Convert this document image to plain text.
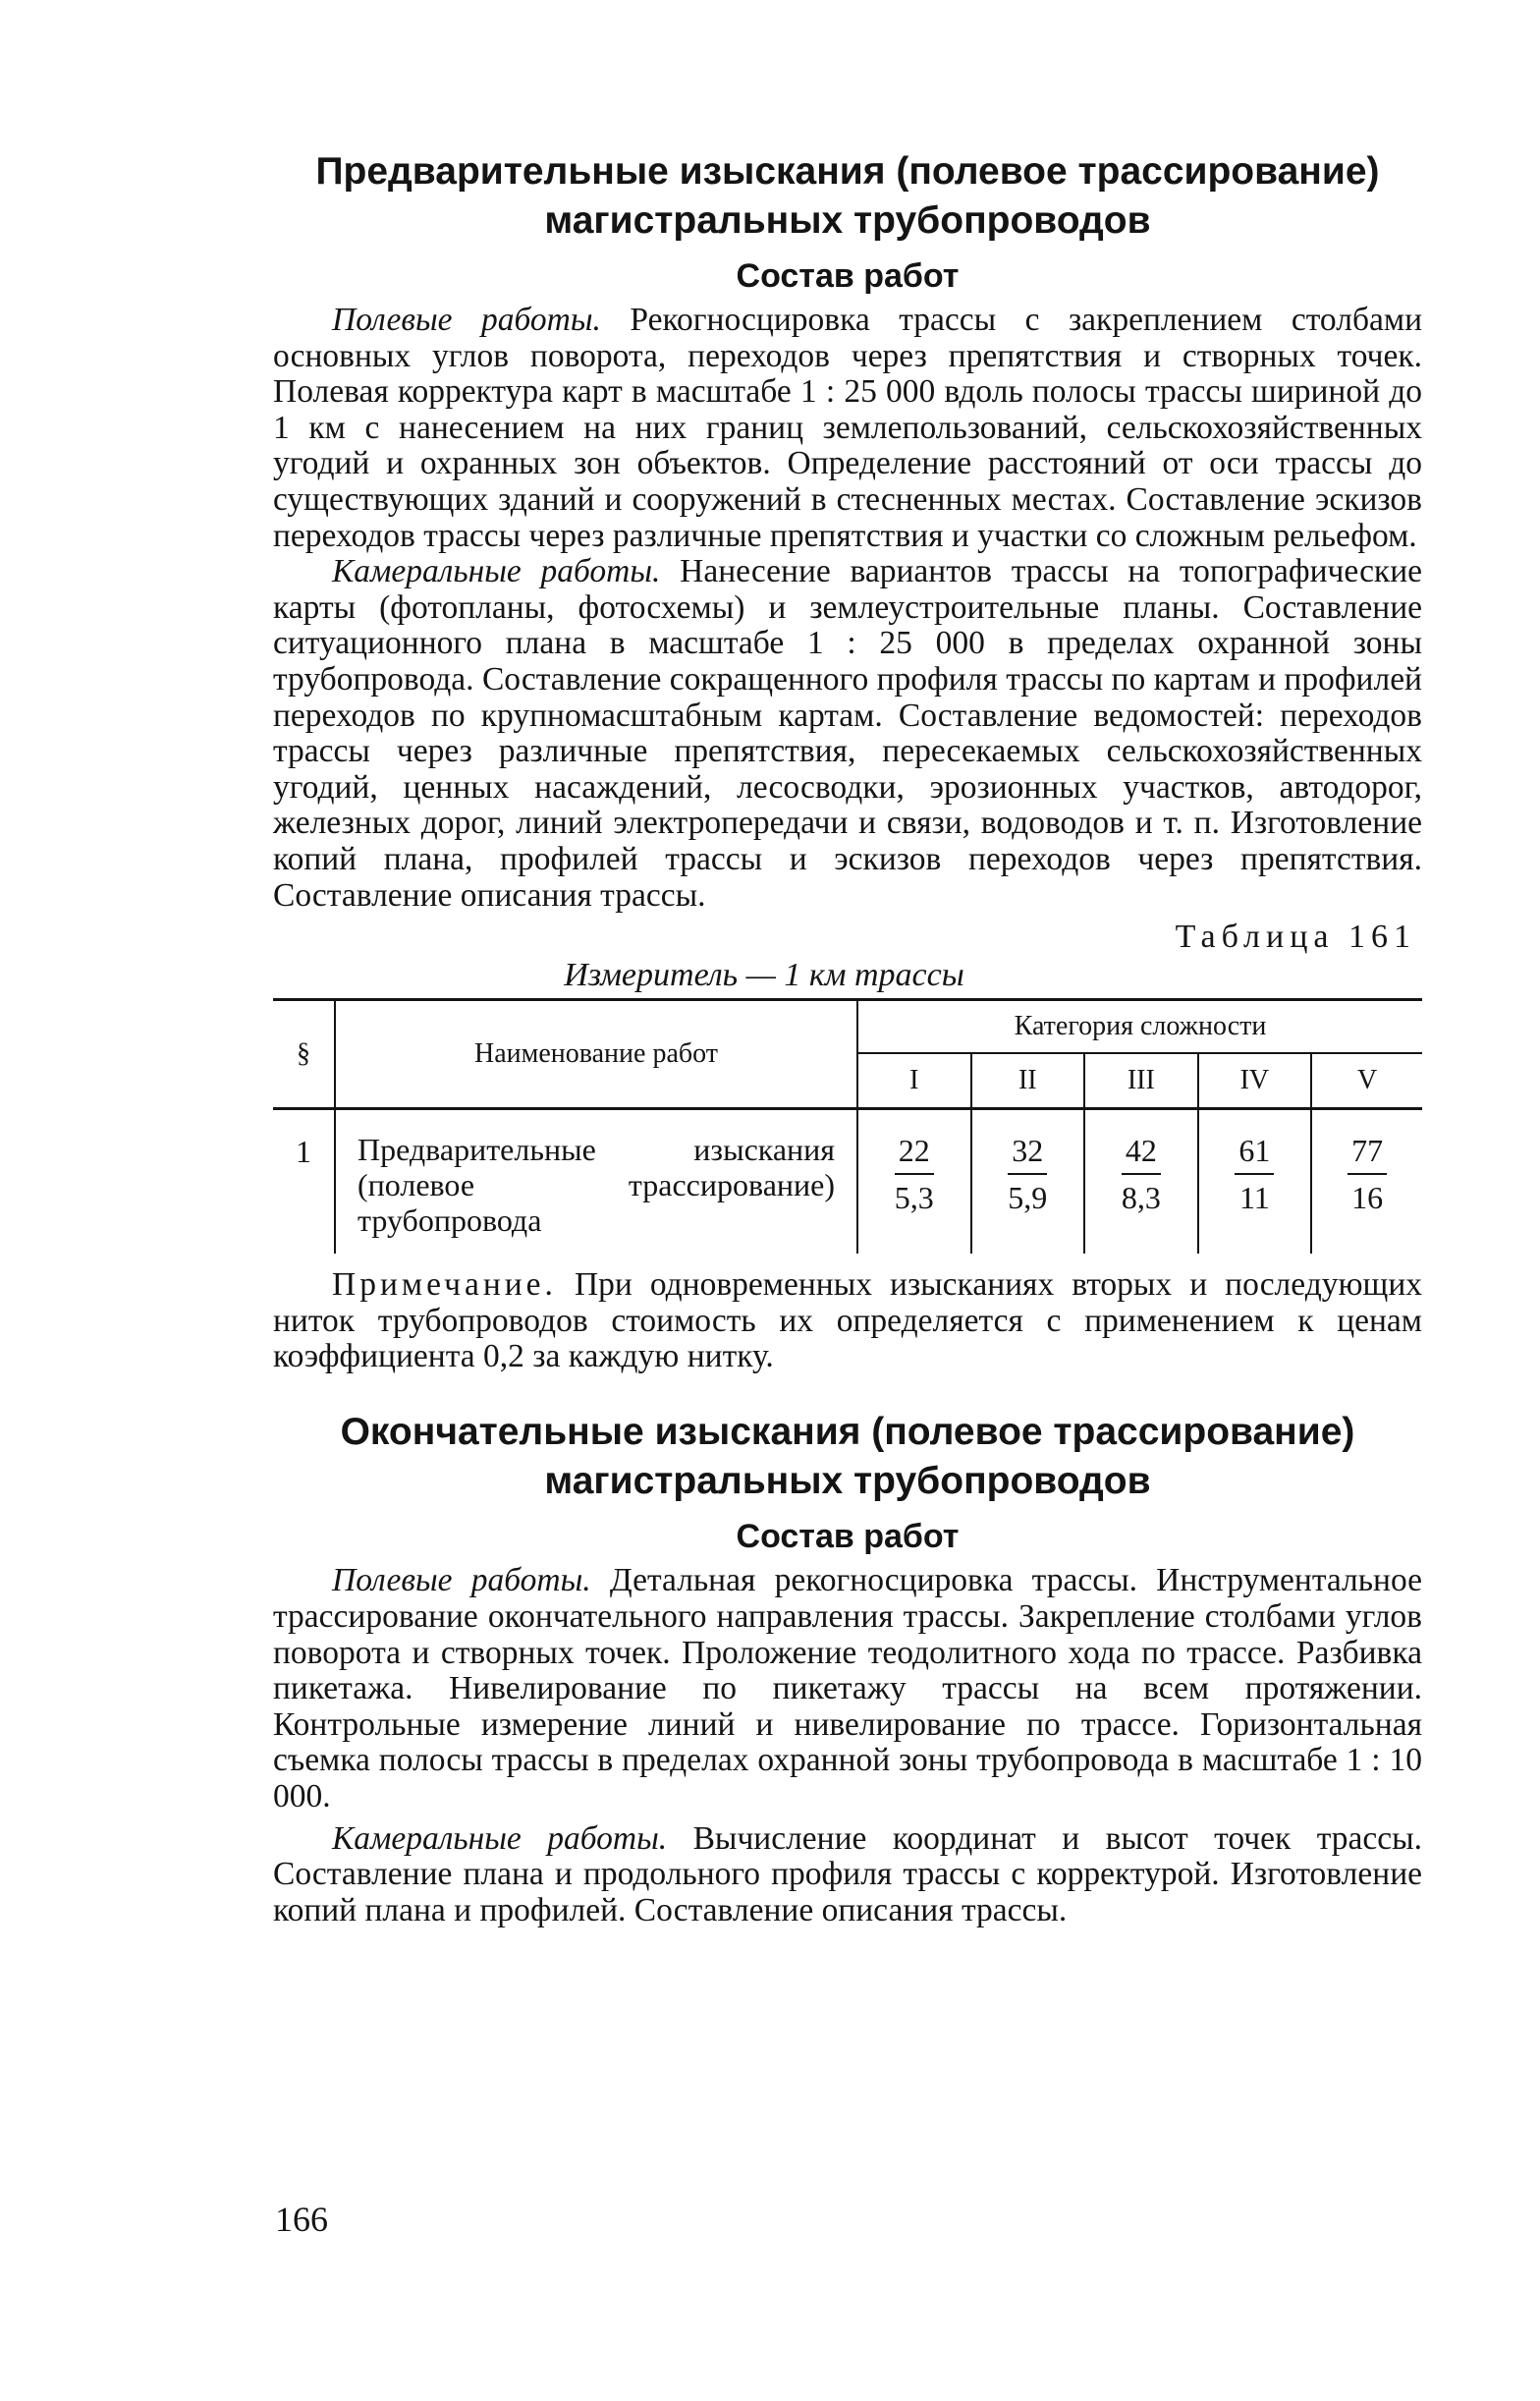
Предварительные изыскания (полевое трассирование)
магистральных трубопроводов
Состав работ

Полевые работы. Рекогносцировка трассы с закреплением столбами основных углов поворота, переходов через препятствия и створных точек. Полевая корректура карт в масштабе 1 : 25 000 вдоль полосы трассы шириной до 1 км с нанесением на них границ землепользований, сельскохозяйственных угодий и охранных зон объектов. Определение расстояний от оси трассы до существующих зданий и сооружений в стесненных местах. Составление эскизов переходов трассы через различные препятствия и участки со сложным рельефом.

Камеральные работы. Нанесение вариантов трассы на топографические карты (фотопланы, фотосхемы) и землеустроительные планы. Составление ситуационного плана в масштабе 1 : 25 000 в пределах охранной зоны трубопровода. Составление сокращенного профиля трассы по картам и профилей переходов по крупномасштабным картам. Составление ведомостей: переходов трассы через различные препятствия, пересекаемых сельскохозяйственных угодий, ценных насаждений, лесосводки, эрозионных участков, автодорог, железных дорог, линий электропередачи и связи, водоводов и т. п. Изготовление копий плана, профилей трассы и эскизов переходов через препятствия. Составление описания трассы.

Таблица 161
Измеритель — 1 км трассы
§	Наименование работ	Категория сложности				
		I	II	III	IV	V
1	Предварительные изыскания (полевое трассирование) трубопровода	$\frac{22}{5,3}$	$\frac{32}{5,9}$	$\frac{42}{8,3}$	$\frac{61}{11}$	$\frac{77}{16}$

Примечание. При одновременных изысканиях вторых и последующих ниток трубопроводов стоимость их определяется с применением к ценам коэффициента 0,2 за каждую нитку.

Окончательные изыскания (полевое трассирование)
магистральных трубопроводов
Состав работ

Полевые работы. Детальная рекогносцировка трассы. Инструментальное трассирование окончательного направления трассы. Закрепление столбами углов поворота и створных точек. Проложение теодолитного хода по трассе. Разбивка пикетажа. Нивелирование по пикетажу трассы на всем протяжении. Контрольные измерение линий и нивелирование по трассе. Горизонтальная съемка полосы трассы в пределах охранной зоны трубопровода в масштабе 1 : 10 000.

Камеральные работы. Вычисление координат и высот точек трассы. Составление плана и продольного профиля трассы с корректурой. Изготовление копий плана и профилей. Составление описания трассы.

166
